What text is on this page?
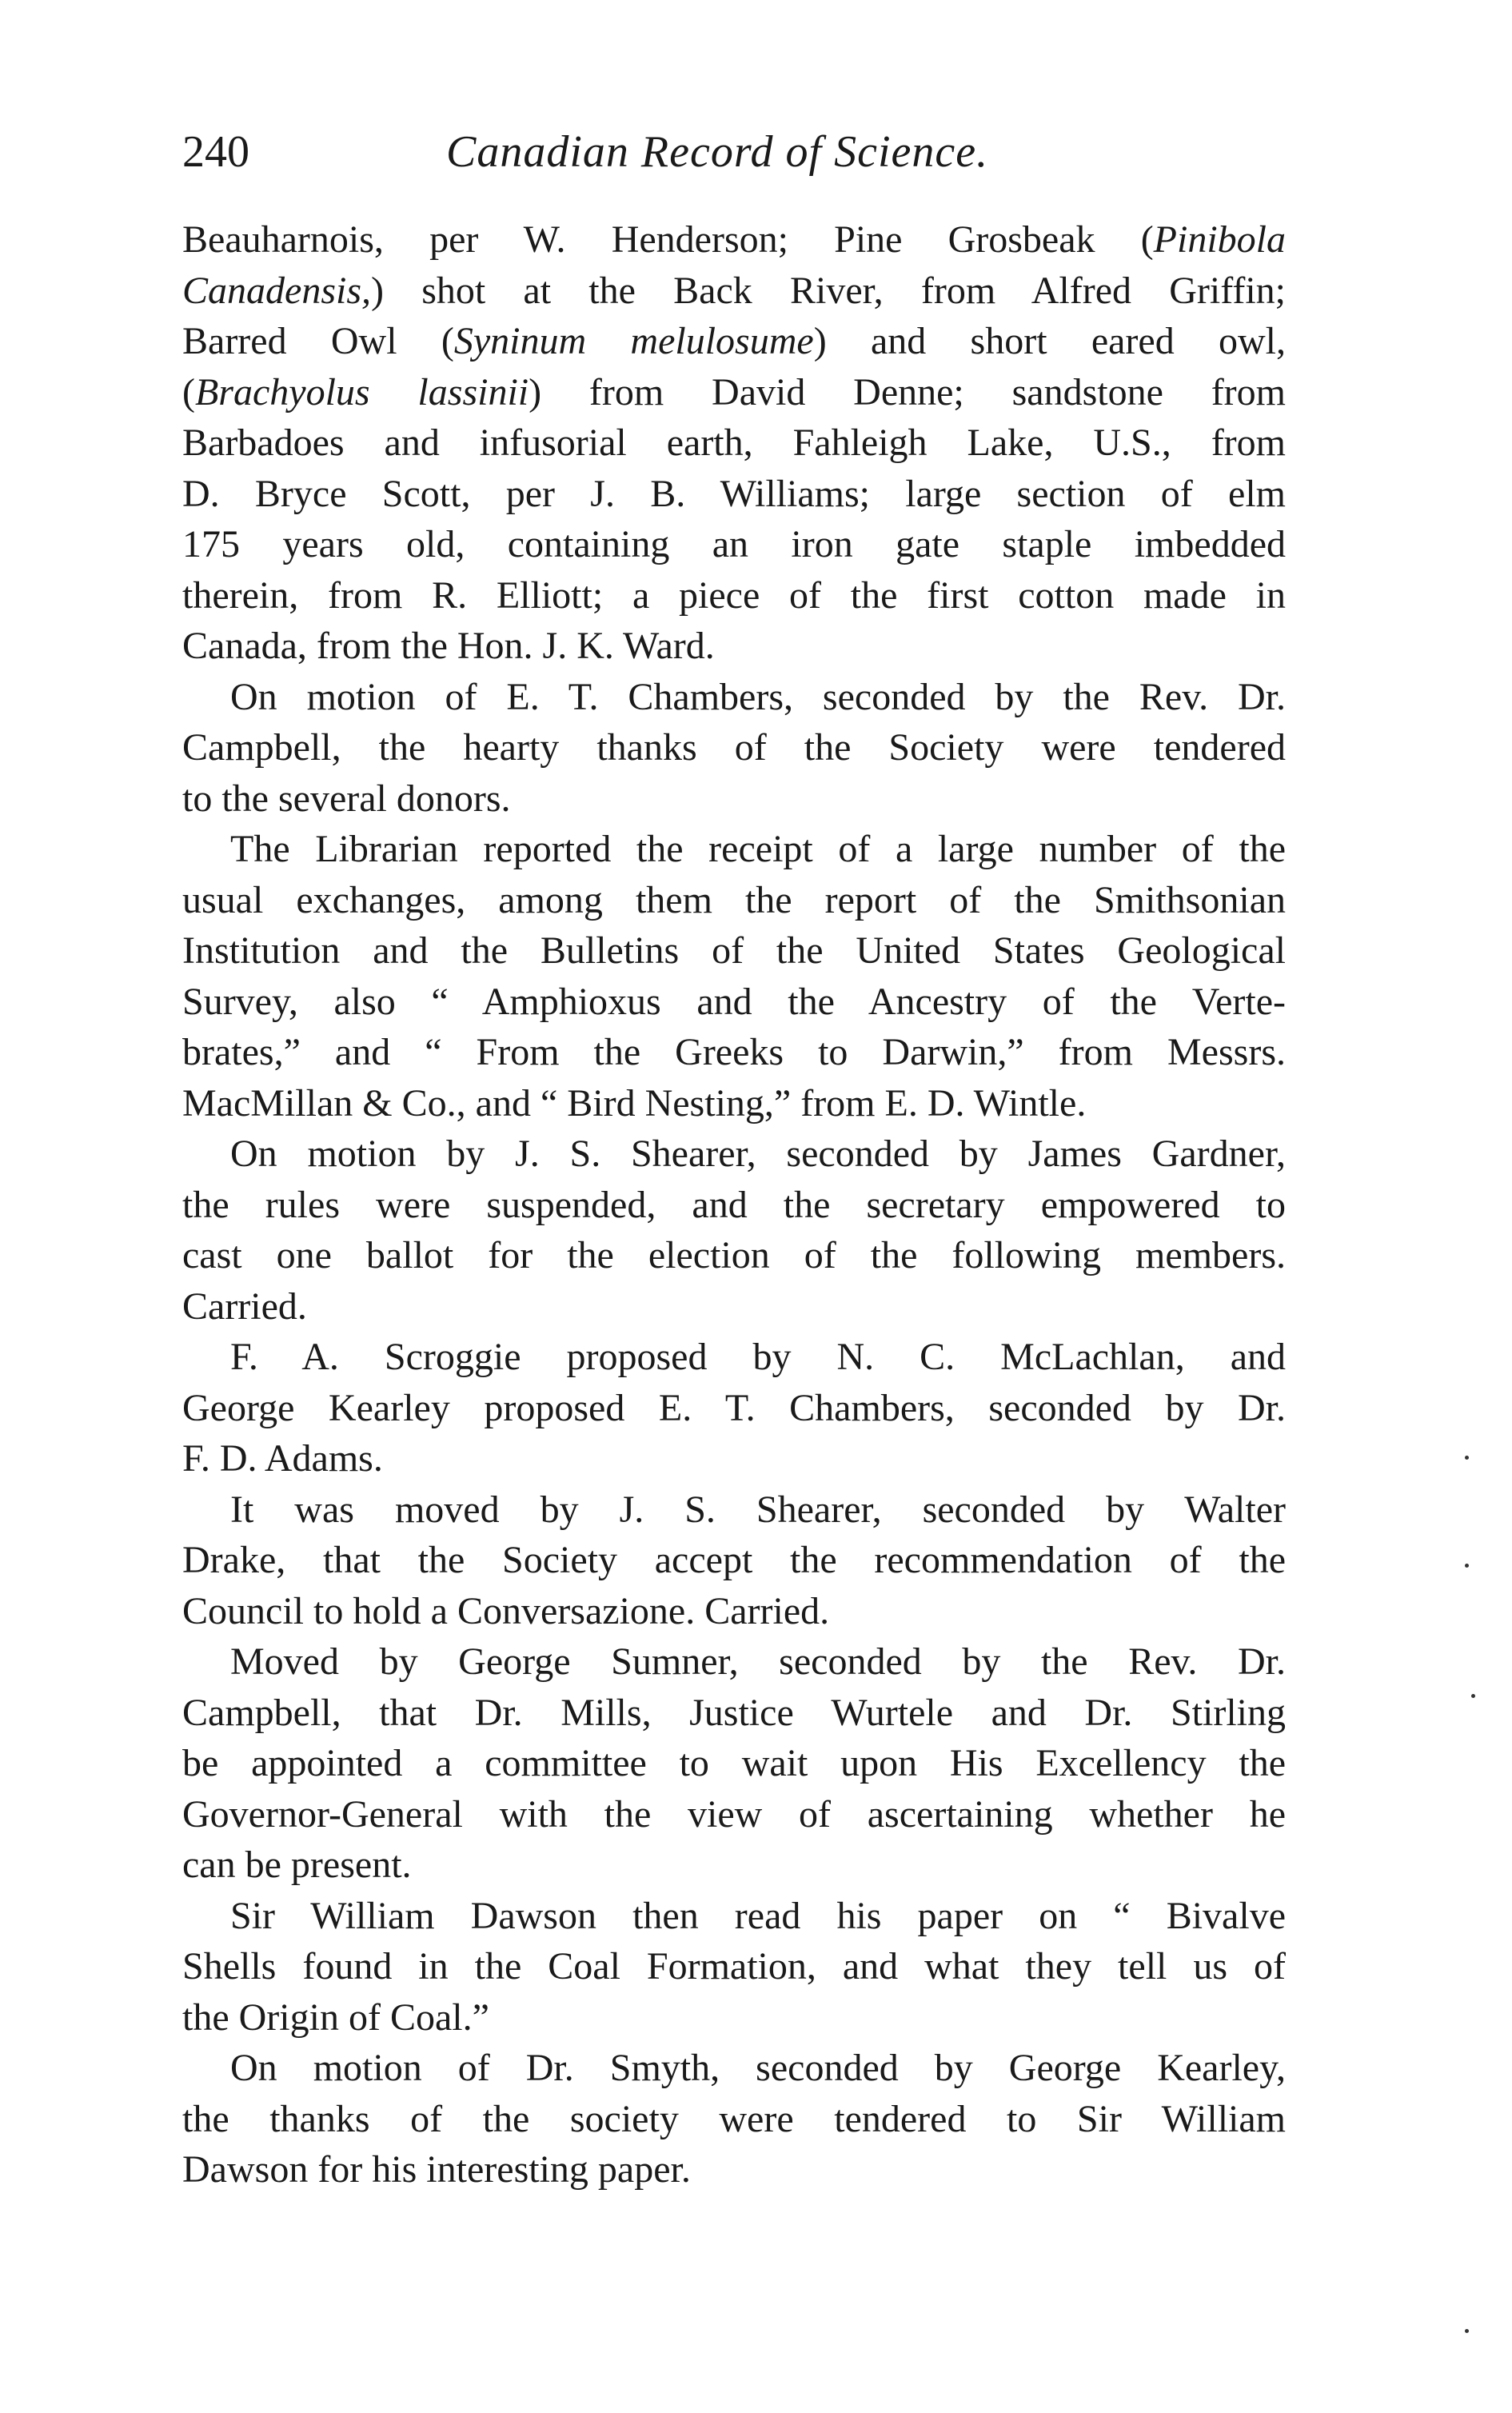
240	Canadian Record of Science.
Beauharnois, per W. Henderson; Pine Grosbeak (Pinibola
Canadensis,) shot at the Back River, from Alfred Griffin;
Barred Owl (Syninum melulosume) and short eared owl,
(Brachyolus lassinii) from David Denne; sandstone from
Barbadoes and infusorial earth, Fahleigh Lake, U.S., from
D. Bryce Scott, per J. B. Williams; large section of elm
175 years old, containing an iron gate staple imbedded
therein, from R. Elliott; a piece of the first cotton made in
Canada, from the Hon. J. K. Ward.
On motion of E. T. Chambers, seconded by the Rev. Dr.
Campbell, the hearty thanks of the Society were tendered
to the several donors.
The Librarian reported the receipt of a large number of the
usual exchanges, among them the report of the Smithsonian
Institution and the Bulletins of the United States Geological
Survey, also “ Amphioxus and the Ancestry of the Verte-
brates,” and “ From the Greeks to Darwin,” from Messrs.
MacMillan & Co., and “ Bird Nesting,” from E. D. Wintle.
On motion by J. S. Shearer, seconded by James Gardner,
the rules were suspended, and the secretary empowered to
cast one ballot for the election of the following members.
Carried.
F. A. Scroggie proposed by N. C. McLachlan, and
George Kearley proposed E. T. Chambers, seconded by Dr.
F. D. Adams.
It was moved by J. S. Shearer, seconded by Walter
Drake, that the Society accept the recommendation of the
Council to hold a Conversazione. Carried.
Moved by George Sumner, seconded by the Rev. Dr.
Campbell, that Dr. Mills, Justice Wurtele and Dr. Stirling
be appointed a committee to wait upon His Excellency the
Governor-General with the view of ascertaining whether he
can be present.
Sir William Dawson then read his paper on “ Bivalve
Shells found in the Coal Formation, and what they tell us of
the Origin of Coal.”
On motion of Dr. Smyth, seconded by George Kearley,
the thanks of the society were tendered to Sir William
Dawson for his interesting paper.
